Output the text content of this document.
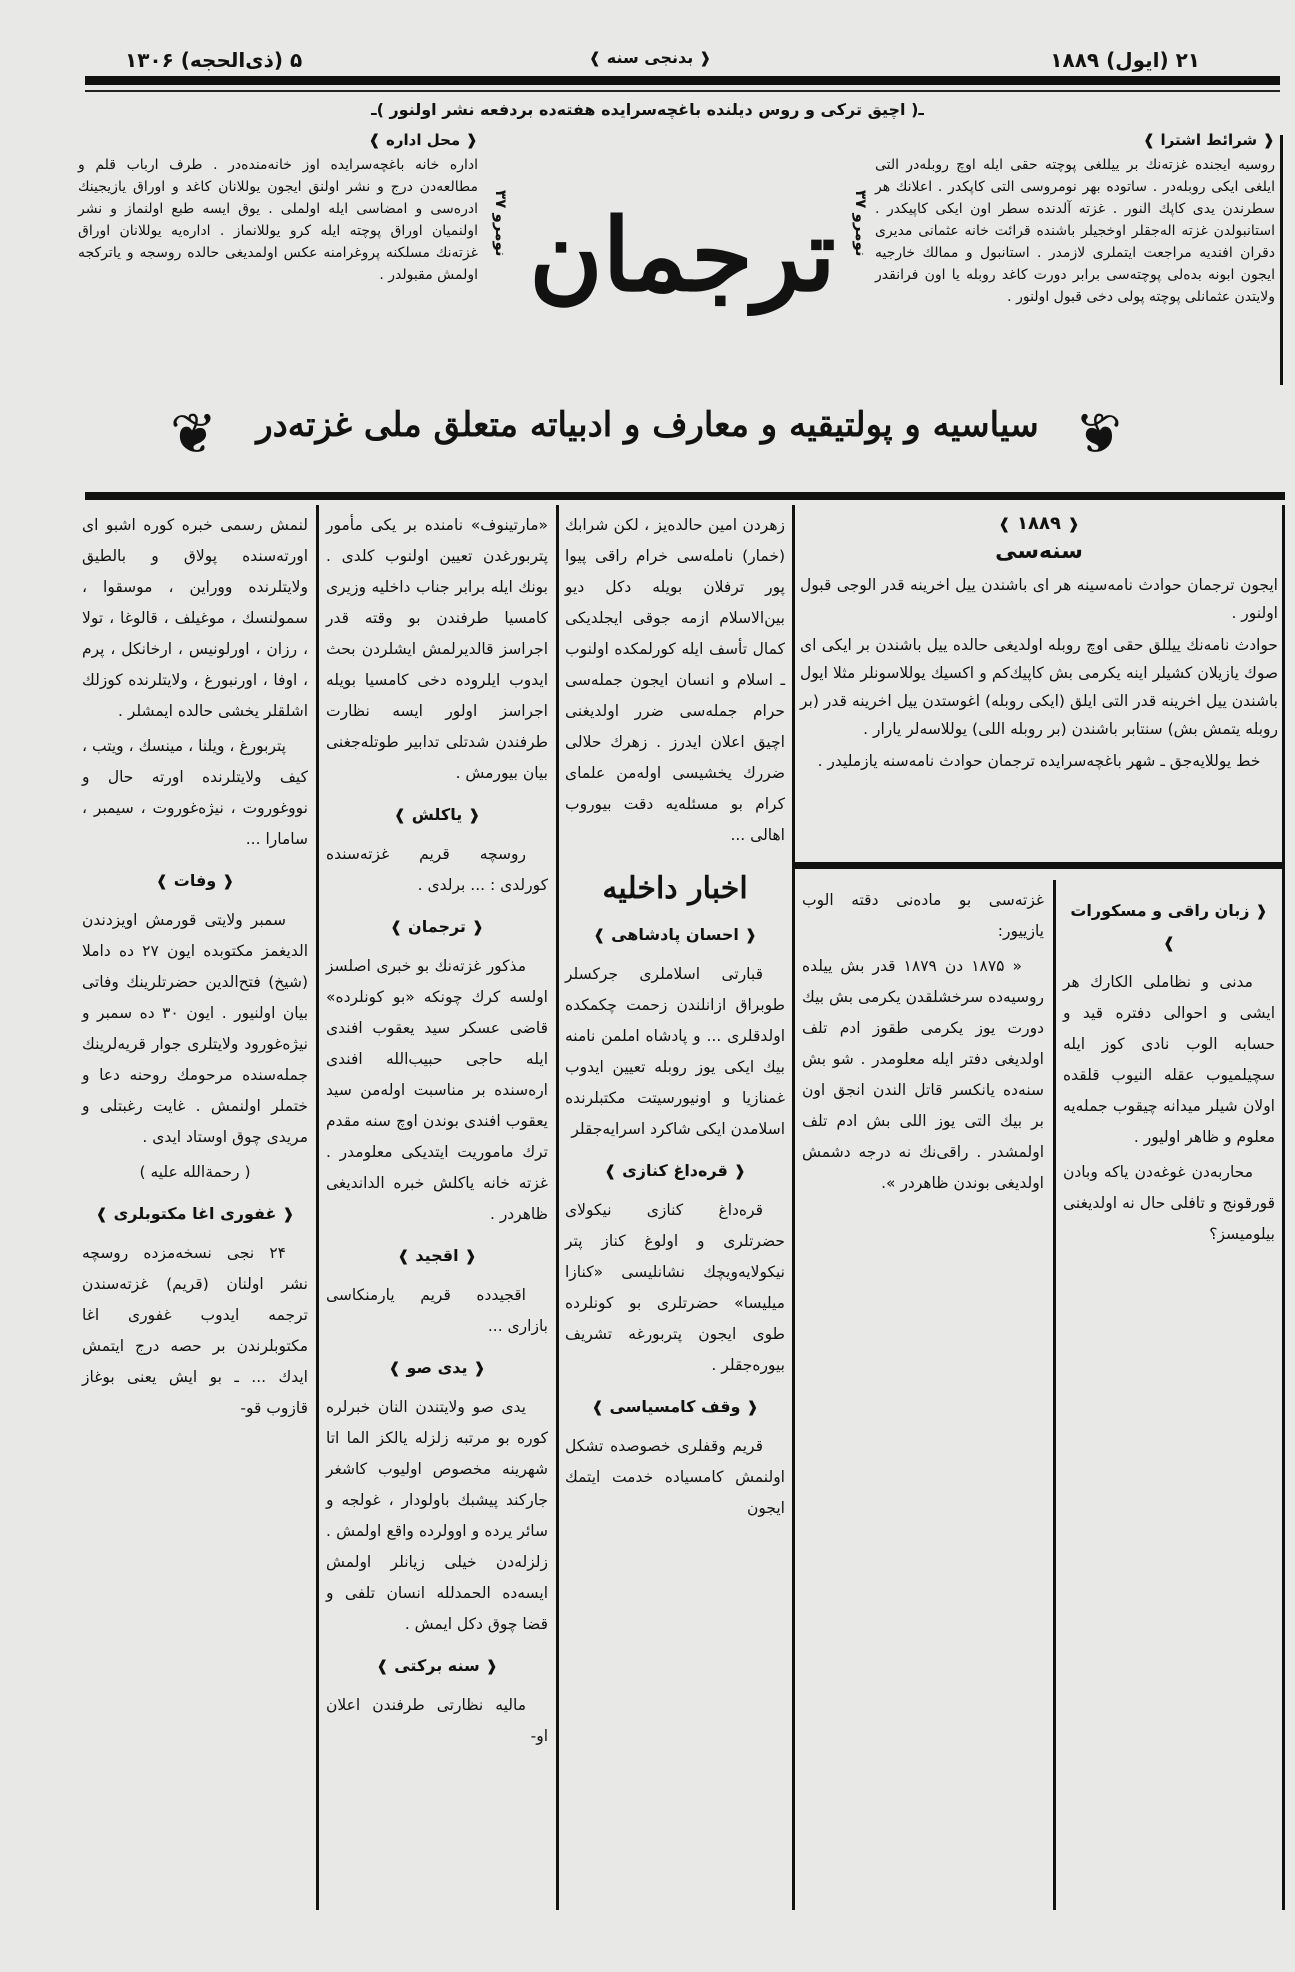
۲۱ (ایول) ۱۸۸۹
❰ بدنجی سنه ❱
۵ (ذی‌الحجه) ۱۳۰۶
ـ( اچیق ترکی و روس دیلنده باغچه‌سرایده هفته‌ده بردفعه نشر اولنور )ـ
❰ شرائط اشترا ❱
روسیه ایجنده غزته‌نك بر ییللغی پوچته حقی ایله اوچ روبله‌در التی ایلغی ایکی روبله‌در . ساتوده بهر نومروسی التی کاپکدر . اعلانك هر سطرندن یدی کاپك النور . غزته آلدنده سطر اون ایکی کاپیکدر . استانبولدن غزته الەجقلر اوخجیلر باشنده قرائت خانه عثمانی مدیری دقران افندیه مراجعت ایتملری لازمدر . استانبول و ممالك خارجیه ایجون ابونه بدەلی پوچته‌سی برابر دورت کاغد روبله یا اون فرانقدر ولایتدن عثمانلی پوچته پولی دخی قبول اولنور .
❰ محل اداره ❱
اداره خانه باغچه‌سرایده اوز خانه‌منده‌در . طرف ارباب قلم و مطالعه‌دن درج و نشر اولنق ایجون یوللانان کاغد و اوراق یازیجینك ادره‌سی و امضاسی ایله اولملی . یوق ایسه طبع اولنماز و نشر اولنمیان اوراق پوچته ایله کرو یوللانماز . اداره‌یه یوللانان اوراق غزته‌نك مسلکنه پروغرامنه عکس اولمدیغی حالده روسجه و یاترکجه اولمش مقبولدر . ترجمان
نومرو ۳۷
نومرو ۳۷
سیاسیه و پولتیقیه و معارف و ادبیاته متعلق ملی غزته‌در
❦	❦
❰ ۱۸۸۹ ❱
سنه‌سی

ایجون ترجمان حوادث نامه‌سینه هر ای باشندن ییل اخرینه قدر الوجی قبول اولنور .

حوادث نامه‌نك ییللق حقی اوچ روبله اولدیغی حالده ییل باشندن بر ایکی ای صوك یازیلان کشیلر اینه یکرمی بش کاپیك‌کم و اکسیك یوللاسونلر مثلا ایول باشندن ییل اخرینه قدر التی ایلق (ایکی روبله) اغوستدن ییل اخرینه قدر (بر روبله یتمش بش) سنتابر باشندن (بر روبله اللی) یوللاسه‌لر یارار .

خط یوللایه‌جق ـ شهر باغچه‌سرایده ترجمان حوادث نامه‌سنه یازملیدر .

❰ زبان راقی و مسکورات ❱

مدنی و نظاملی الکارك هر ایشی و احوالی دفتره قید و حسابه الوب نادی کوز ایله سچیلمیوب عقله النیوب قلقده اولان شیلر میدانه چیقوب جمله‌یه معلوم و ظاهر اولیور .

محاربه‌دن غوغه‌دن یاکه وبادن قورقونج و تافلی حال نه اولدیغنی بیلومیسز؟

غزته‌سی بو ماده‌نی دقته الوب یازییور:

« ۱۸۷۵ دن ۱۸۷۹ قدر بش ییلده روسیه‌ده سرخشلقدن یکرمی بش بیك دورت یوز یکرمی طقوز ادم تلف اولدیغی دفتر ایله معلومدر . شو بش سنه‌ده یانکسر قاتل الندن انجق اون بر بیك التی یوز اللی بش ادم تلف اولمشدر . راقی‌نك نه درجه دشمش اولدیغی بوندن ظاهردر ».

زهردن امین حالده‌یز ، لکن شرابك (خمار) نامله‌سی خرام راقی پیوا پور ترفلان بویله دکل دیو بین‌الاسلام ازمه جوقی ایجلدیکی کمال تأسف ایله کورلمکده اولنوب ـ اسلام و انسان ایجون جمله‌سی حرام جمله‌سی ضرر اولدیغنی اچیق اعلان ایدرز . زهرك حلالی ضررك یخشیسی اوله‌من علمای کرام بو مسئله‌یه دقت بیوروب اهالی ...

اخبار داخلیه
❰ احسان پادشاهی ❱

قبارتی اسلاملری جرکسلر طوبراق ازانلندن زحمت چکمکده اولدقلری ... و پادشاه املمن نامنه بیك ایکی یوز روبله تعیین ایدوب غمنازیا و اونیورسیتت مکتبلرنده اسلامدن ایکی شاکرد اسرایه‌جقلر

❰ قره‌داغ کنازی ❱

قره‌داغ کنازی نیکولای حضرتلری و اولوغ کناز پتر نیکولایه‌ویچك نشانلیسی «کنازا میلیسا» حضرتلری بو کونلرده طوی ایجون پتربورغه تشریف بیوره‌جقلر .

❰ وقف کامسیاسی ❱

قریم وقفلری خصوصده تشکل اولنمش کامسیاده خدمت ایتمك ایجون

«مارتینوف» نامنده بر یکی مأمور پتربورغدن تعیین اولنوب کلدی . بونك ایله برابر جناب داخلیه وزیری کامسیا طرفندن بو وقته قدر اجراسز قالدیرلمش ایشلردن بحث ایدوب ایلروده دخی کامسیا بویله اجراسز اولور ایسه نظارت طرفندن شدتلی تدابیر طوتله‌جغنی بیان بیورمش .

❰ یاکلش ❱

روسچه قریم غزته‌سنده کورلدی : ... برلدی .

❰ ترجمان ❱

مذکور غزته‌نك بو خبری اصلسز اولسه کرك چونکه «بو کونلرده» قاضی عسکر سید یعقوب افندی ایله حاجی حبیب‌الله افندی ارەسنده بر مناسبت اوله‌من سید یعقوب افندی بوندن اوچ سنه مقدم ترك ماموریت ایتدیکی معلومدر . غزته خانه یاکلش خبره الداندیغی ظاهردر .

❰ اقجید ❱

اقجیدده قریم یارمنکاسی بازاری ...

❰ یدی صو ❱

یدی صو ولایتندن النان خبرلره کوره بو مرتبه زلزله یالکز الما اتا شهرینه مخصوص اولیوب کاشغر جارکند پیشبك باولودار ، غولجه و سائر یرده و اوولرده واقع اولمش . زلزله‌دن خیلی زیانلر اولمش ایسه‌ده الحمدلله انسان تلفی و قضا چوق دکل ایمش .

❰ سنه برکتی ❱

مالیه نظارتی طرفندن اعلان او-

لنمش رسمی خبره کوره اشبو ای اورته‌سنده پولاق و بالطیق ولایتلرنده ووراین ، موسقوا ، سمولنسك ، موغیلف ، قالوغا ، تولا ، رزان ، اورلونیس ، ارخانکل ، پرم ، اوفا ، اورنبورغ ، ولایتلرنده کوزلك اشلقلر یخشی حالده ایمشلر .

پتربورغ ، ویلنا ، مینسك ، ویتب ، کیف ولایتلرنده اورته حال و نووغوروت ، نیژه‌غوروت ، سیمبر ، سامارا ...

❰ وفات ❱

سمبر ولایتی قورمش اویزدندن الدیغمز مکتوبده ایون ۲۷ ده داملا (شیخ) فتح‌الدین حضرتلرینك وفاتی بیان اولنیور . ایون ۳۰ ده سمبر و نیژه‌غورود ولایتلری جوار قریه‌لرینك جمله‌سنده مرحومك روحنه دعا و ختملر اولنمش . غایت رغبتلی و مریدی چوق اوستاد ایدی .

( رحمة‌الله علیه )

❰ غفوری اغا مکتوبلری ❱

۲۴ نجی نسخه‌مزده روسچه نشر اولنان (قریم) غزته‌سندن ترجمه ایدوب غفوری اغا مکتوبلرندن بر حصه درج ایتمش ایدك ... ـ بو ایش یعنی بوغاز قازوب قو-
